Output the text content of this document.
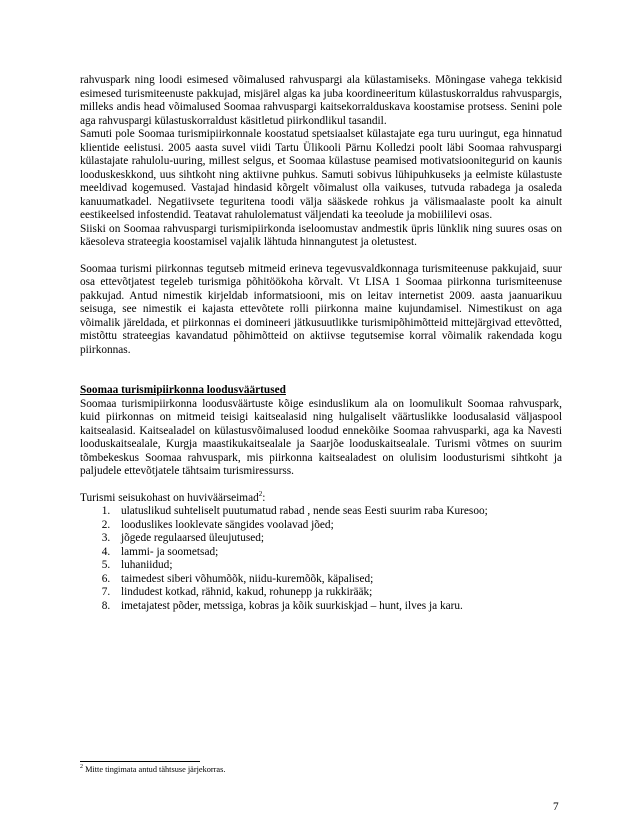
rahvuspark ning loodi esimesed võimalused rahvuspargi ala külastamiseks. Mõningase vahega tekkisid esimesed turismiteenuste pakkujad, misjärel algas ka juba koordineeritum külastuskorraldus rahvuspargis, milleks andis head võimalused Soomaa rahvuspargi kaitsekorralduskava koostamise protsess. Senini pole aga rahvuspargi külastuskorraldust käsitletud piirkondlikul tasandil.

Samuti pole Soomaa turismipiirkonnale koostatud spetsiaalset külastajate ega turu uuringut, ega hinnatud klientide eelistusi. 2005 aasta suvel viidi Tartu Ülikooli Pärnu Kolledzi poolt läbi Soomaa rahvuspargi külastajate rahulolu-uuring, millest selgus, et Soomaa külastuse peamised motivatsioonitegurid on kaunis looduskeskkond, uus sihtkoht ning aktiivne puhkus. Samuti sobivus lühipuhkuseks ja eelmiste külastuste meeldivad kogemused. Vastajad hindasid kõrgelt võimalust olla vaikuses, tutvuda rabadega ja osaleda kanuumatkadel. Negatiivsete teguritena toodi välja sääskede rohkus ja välismaalaste poolt ka ainult eestikeelsed infostendid. Teatavat rahulolematust väljendati ka teeolude ja mobiililevi osas.

Siiski on Soomaa rahvuspargi turismipiirkonda iseloomustav andmestik üpris lünklik ning suures osas on käesoleva strateegia koostamisel vajalik lähtuda hinnangutest ja oletustest.

Soomaa turismi piirkonnas tegutseb mitmeid erineva tegevusvaldkonnaga turismiteenuse pakkujaid, suur osa ettevõtjatest tegeleb turismiga põhitöökoha kõrvalt. Vt LISA 1 Soomaa piirkonna turismiteenuse pakkujad. Antud nimestik kirjeldab informatsiooni, mis on leitav internetist 2009. aasta jaanuarikuu seisuga, see nimestik ei kajasta ettevõtete rolli piirkonna maine kujundamisel. Nimestikust on aga võimalik järeldada, et piirkonnas ei domineeri jätkusuutlikke turismipõhimõtteid mittejärgivad ettevõtted, mistõttu strateegias kavandatud põhimõtteid on aktiivse tegutsemise korral võimalik rakendada kogu piirkonnas.

Soomaa turismipiirkonna loodusväärtused

Soomaa turismipiirkonna loodusväärtuste kõige esinduslikum ala on loomulikult Soomaa rahvuspark, kuid piirkonnas on mitmeid teisigi kaitsealasid ning hulgaliselt väärtuslikke loodusalasid väljaspool kaitsealasid. Kaitsealadel on külastusvõimalused loodud ennekõike Soomaa rahvusparki, aga ka Navesti looduskaitsealale, Kurgja maastikukaitsealale ja Saarjõe looduskaitsealale. Turismi võtmes on suurim tõmbekeskus Soomaa rahvuspark, mis piirkonna kaitsealadest on olulisim loodusturismi sihtkoht ja paljudele ettevõtjatele tähtsaim turismiressurss.

Turismi seisukohast on huviväärseimad$^2$:

1. ulatuslikud suhteliselt puutumatud rabad , nende seas Eesti suurim raba Kuresoo;
2. looduslikes looklevate sängides voolavad jõed;
3. jõgede regulaarsed üleujutused;
4. lammi- ja soometsad;
5. luhaniidud;
6. taimedest siberi võhumõõk, niidu-kuremõõk, käpalised;
7. lindudest kotkad, rähnid, kakud, rohunepp ja rukkirääk;
8. imetajatest põder, metssiga, kobras ja kõik suurkiskjad – hunt, ilves ja karu.
$^2$ Mitte tingimata antud tähtsuse järjekorras.
7
